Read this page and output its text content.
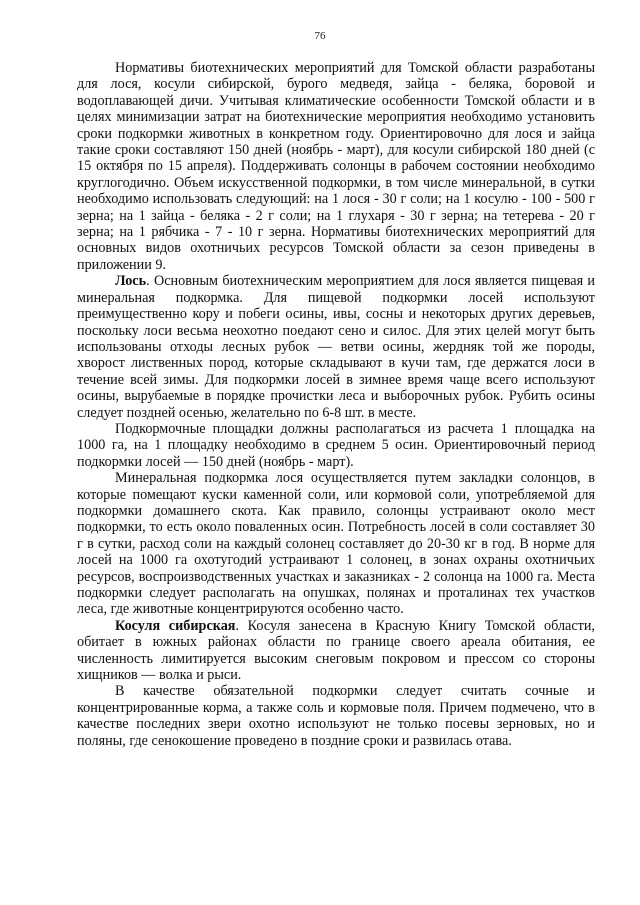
76

Нормативы биотехнических мероприятий для Томской области разработаны для лося, косули сибирской, бурого медведя, зайца - беляка, боровой и водоплавающей дичи. Учитывая климатические особенности Томской области и в целях минимизации затрат на биотехнические мероприятия необходимо установить сроки подкормки животных в конкретном году. Ориентировочно для лося и зайца такие сроки составляют 150 дней (ноябрь - март), для косули сибирской 180 дней (с 15 октября по 15 апреля). Поддерживать солонцы в рабочем состоянии необходимо круглогодично. Объем искусственной подкормки, в том числе минеральной, в сутки необходимо использовать следующий: на 1 лося - 30 г соли; на 1 косулю - 100 - 500 г зерна; на 1 зайца - беляка - 2 г соли; на 1 глухаря - 30 г зерна; на тетерева - 20 г зерна; на 1 рябчика - 7 - 10 г зерна. Нормативы биотехнических мероприятий для основных видов охотничьих ресурсов Томской области за сезон приведены в приложении 9.

Лось. Основным биотехническим мероприятием для лося является пищевая и минеральная подкормка. Для пищевой подкормки лосей используют преимущественно кору и побеги осины, ивы, сосны и некоторых других деревьев, поскольку лоси весьма неохотно поедают сено и силос. Для этих целей могут быть использованы отходы лесных рубок — ветви осины, жердняк той же породы, хворост лиственных пород, которые складывают в кучи там, где держатся лоси в течение всей зимы. Для подкормки лосей в зимнее время чаще всего используют осины, вырубаемые в порядке прочистки леса и выборочных рубок. Рубить осины следует поздней осенью, желательно по 6-8 шт. в месте.

Подкормочные площадки должны располагаться из расчета 1 площадка на 1000 га, на 1 площадку необходимо в среднем 5 осин. Ориентировочный период подкормки лосей — 150 дней (ноябрь - март).

Минеральная подкормка лося осуществляется путем закладки солонцов, в которые помещают куски каменной соли, или кормовой соли, употребляемой для подкормки домашнего скота. Как правило, солонцы устраивают около мест подкормки, то есть около поваленных осин. Потребность лосей в соли составляет 30 г в сутки, расход соли на каждый солонец составляет до 20-30 кг в год. В норме для лосей на 1000 га охотугодий устраивают 1 солонец, в зонах охраны охотничьих ресурсов, воспроизводственных участках и заказниках - 2 солонца на 1000 га. Места подкормки следует располагать на опушках, полянах и проталинах тех участков леса, где животные концентрируются особенно часто.

Косуля сибирская. Косуля занесена в Красную Книгу Томской области, обитает в южных районах области по границе своего ареала обитания, ее численность лимитируется высоким снеговым покровом и прессом со стороны хищников — волка и рыси.

В качестве обязательной подкормки следует считать сочные и концентрированные корма, а также соль и кормовые поля. Причем подмечено, что в качестве последних звери охотно используют не только посевы зерновых, но и поляны, где сенокошение проведено в поздние сроки и развилась отава.
